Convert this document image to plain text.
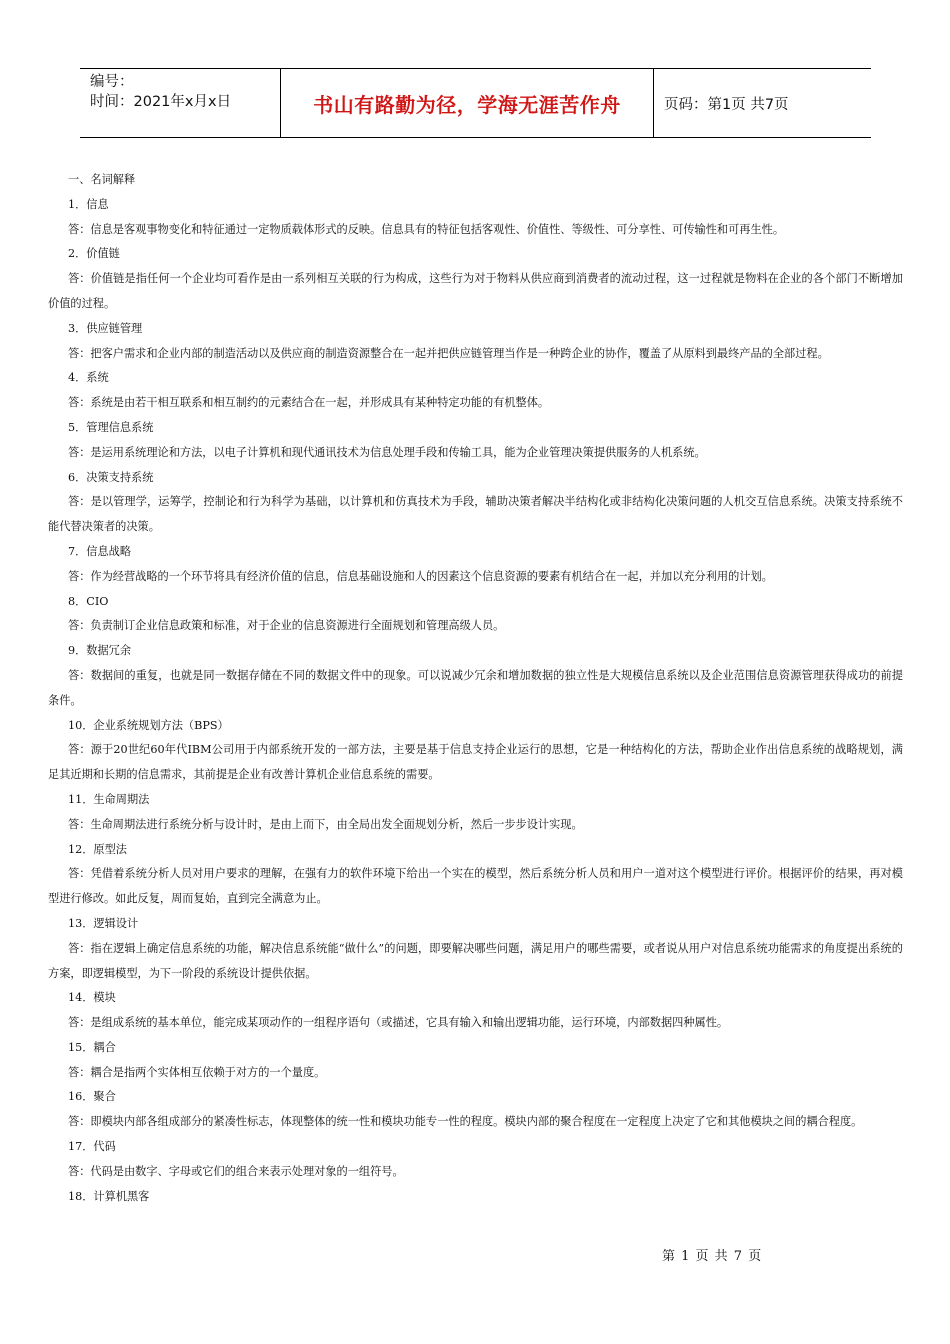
编号：
时间：2021年x月x日	书山有路勤为径，学海无涯苦作舟	页码：第1页 共7页
一、名词解释
1．信息
答：信息是客观事物变化和特征通过一定物质载体形式的反映。信息具有的特征包括客观性、价值性、等级性、可分享性、可传输性和可再生性。
2．价值链
答：价值链是指任何一个企业均可看作是由一系列相互关联的行为构成，这些行为对于物料从供应商到消费者的流动过程，这一过程就是物料在企业的各个部门不断增加价值的过程。
3．供应链管理
答：把客户需求和企业内部的制造活动以及供应商的制造资源整合在一起并把供应链管理当作是一种跨企业的协作，覆盖了从原料到最终产品的全部过程。
4．系统
答：系统是由若干相互联系和相互制约的元素结合在一起，并形成具有某种特定功能的有机整体。
5．管理信息系统
答：是运用系统理论和方法，以电子计算机和现代通讯技术为信息处理手段和传输工具，能为企业管理决策提供服务的人机系统。
6．决策支持系统
答：是以管理学，运筹学，控制论和行为科学为基础，以计算机和仿真技术为手段，辅助决策者解决半结构化或非结构化决策问题的人机交互信息系统。决策支持系统不能代替决策者的决策。
7．信息战略
答：作为经营战略的一个环节将具有经济价值的信息，信息基础设施和人的因素这个信息资源的要素有机结合在一起，并加以充分利用的计划。
8．CIO
答：负责制订企业信息政策和标准，对于企业的信息资源进行全面规划和管理高级人员。
9．数据冗余
答：数据间的重复，也就是同一数据存储在不同的数据文件中的现象。可以说减少冗余和增加数据的独立性是大规模信息系统以及企业范围信息资源管理获得成功的前提条件。
10．企业系统规划方法（BPS）
答：源于20世纪60年代IBM公司用于内部系统开发的一部方法，主要是基于信息支持企业运行的思想，它是一种结构化的方法，帮助企业作出信息系统的战略规划，满足其近期和长期的信息需求，其前提是企业有改善计算机企业信息系统的需要。
11．生命周期法
答：生命周期法进行系统分析与设计时，是由上而下，由全局出发全面规划分析，然后一步步设计实现。
12．原型法
答：凭借着系统分析人员对用户要求的理解，在强有力的软件环境下给出一个实在的模型，然后系统分析人员和用户一道对这个模型进行评价。根据评价的结果，再对模型进行修改。如此反复，周而复始，直到完全满意为止。
13．逻辑设计
答：指在逻辑上确定信息系统的功能，解决信息系统能“做什么”的问题，即要解决哪些问题，满足用户的哪些需要，或者说从用户对信息系统功能需求的角度提出系统的方案，即逻辑模型，为下一阶段的系统设计提供依据。
14．模块
答：是组成系统的基本单位，能完成某项动作的一组程序语句（或描述，它具有输入和输出逻辑功能，运行环境，内部数据四种属性。
15．耦合
答：耦合是指两个实体相互依赖于对方的一个量度。
16．聚合
答：即模块内部各组成部分的紧凑性标志，体现整体的统一性和模块功能专一性的程度。模块内部的聚合程度在一定程度上决定了它和其他模块之间的耦合程度。
17．代码
答：代码是由数字、字母或它们的组合来表示处理对象的一组符号。
18．计算机黑客
第 1 页 共 7 页
